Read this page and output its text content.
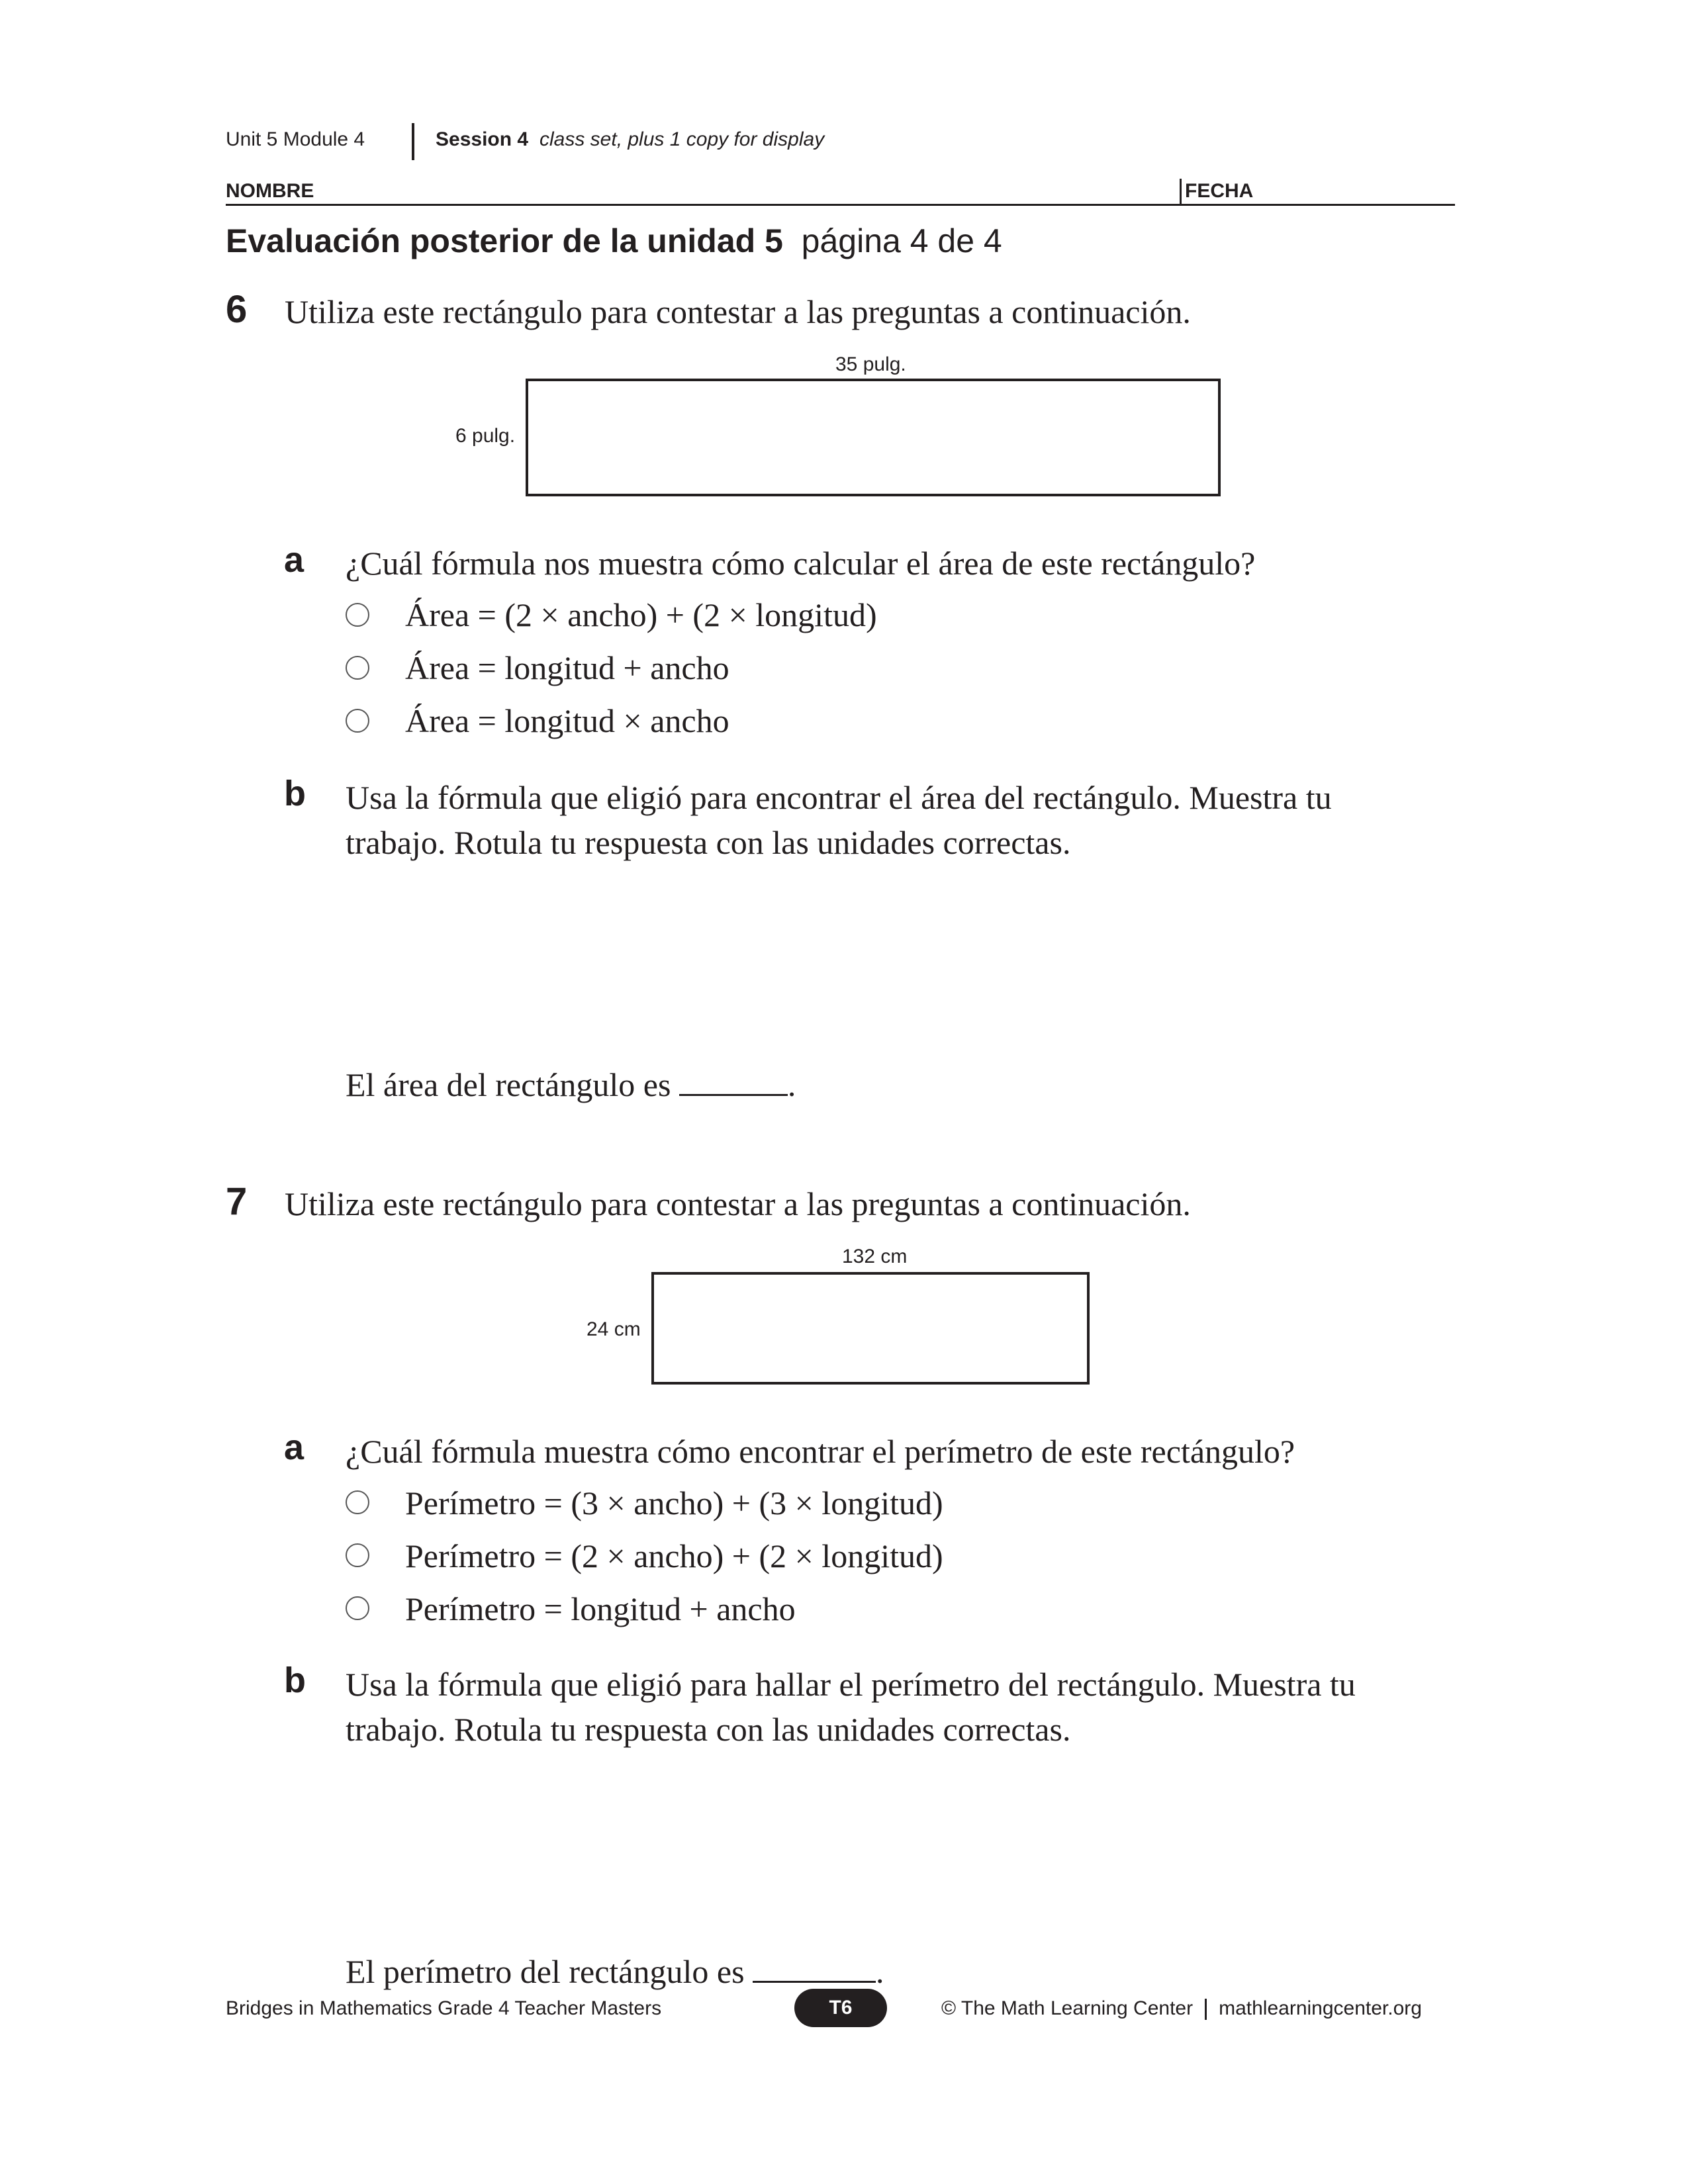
Unit 5 Module 4	Session 4 class set, plus 1 copy for display
NOMBRE	FECHA
Evaluación posterior de la unidad 5 página 4 de 4
6 Utiliza este rectángulo para contestar a las preguntas a continuación.
35 pulg.
6 pulg.
a ¿Cuál fórmula nos muestra cómo calcular el área de este rectángulo?
Área = (2 × ancho) + (2 × longitud)
Área = longitud + ancho
Área = longitud × ancho
b Usa la fórmula que eligió para encontrar el área del rectángulo. Muestra tu
trabajo. Rotula tu respuesta con las unidades correctas.
El área del rectángulo es	.
7 Utiliza este rectángulo para contestar a las preguntas a continuación.
132 cm
24 cm
a ¿Cuál fórmula muestra cómo encontrar el perímetro de este rectángulo?
Perímetro = (3 × ancho) + (3 × longitud)
Perímetro = (2 × ancho) + (2 × longitud)
Perímetro = longitud + ancho
b Usa la fórmula que eligió para hallar el perímetro del rectángulo. Muestra tu
trabajo. Rotula tu respuesta con las unidades correctas.
El perímetro del rectángulo es	.
Bridges in Mathematics Grade 4 Teacher Masters	T6	© The Math Learning Center mathlearningcenter.org
